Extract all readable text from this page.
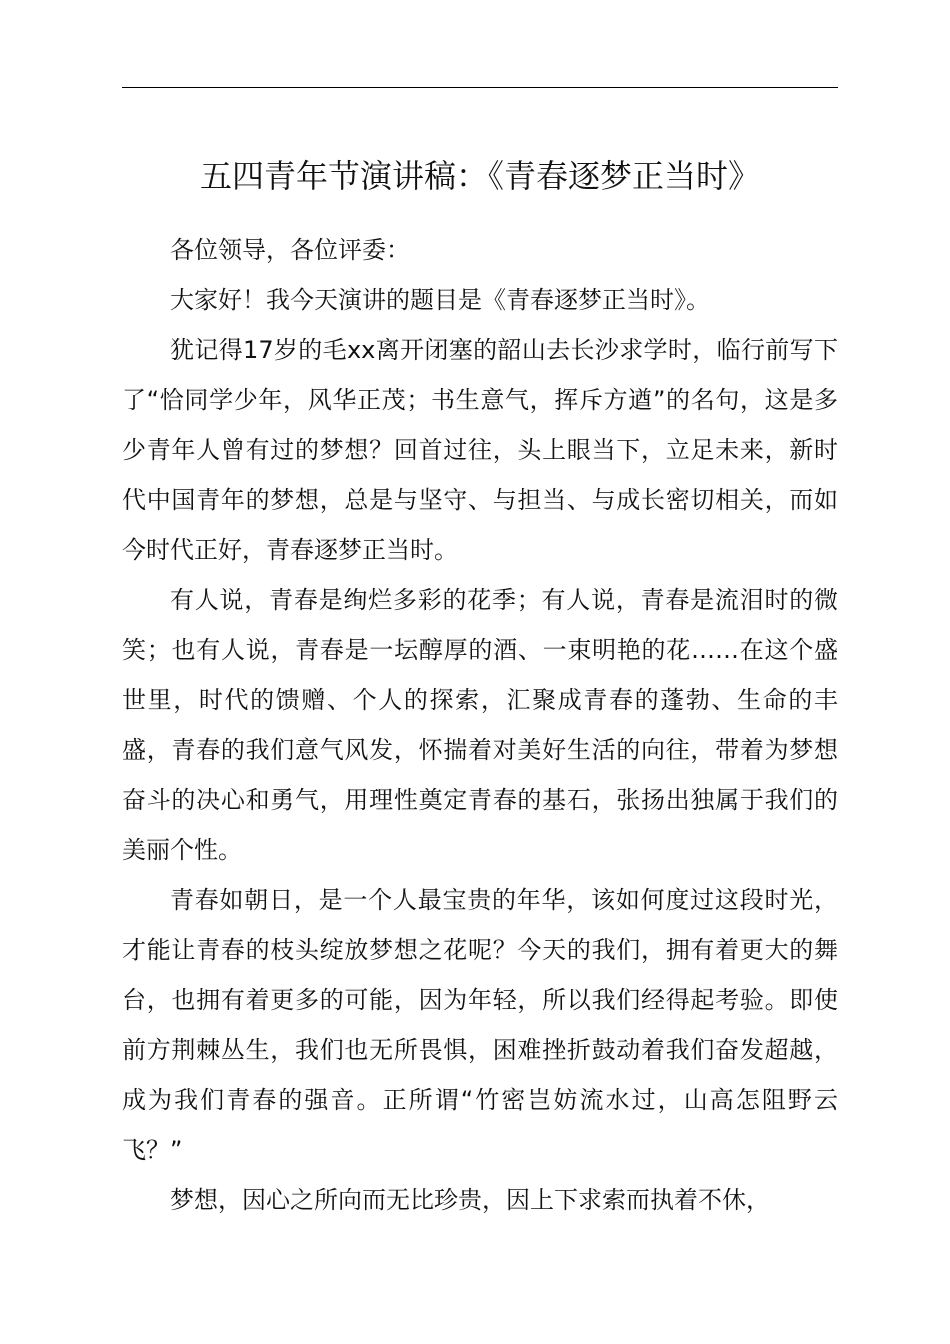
五四青年节演讲稿：《青春逐梦正当时》

各位领导，各位评委：

大家好！我今天演讲的题目是《青春逐梦正当时》。

犹记得17岁的毛xx离开闭塞的韶山去长沙求学时，临行前写下了“恰同学少年，风华正茂；书生意气，挥斥方遒”的名句，这是多少青年人曾有过的梦想？回首过往，头上眼当下，立足未来，新时代中国青年的梦想，总是与坚守、与担当、与成长密切相关，而如今时代正好，青春逐梦正当时。

有人说，青春是绚烂多彩的花季；有人说，青春是流泪时的微笑；也有人说，青春是一坛醇厚的酒、一束明艳的花……在这个盛世里，时代的馈赠、个人的探索，汇聚成青春的蓬勃、生命的丰盛，青春的我们意气风发，怀揣着对美好生活的向往，带着为梦想奋斗的决心和勇气，用理性奠定青春的基石，张扬出独属于我们的美丽个性。

青春如朝日，是一个人最宝贵的年华，该如何度过这段时光，才能让青春的枝头绽放梦想之花呢？今天的我们，拥有着更大的舞台，也拥有着更多的可能，因为年轻，所以我们经得起考验。即使前方荆棘丛生，我们也无所畏惧，困难挫折鼓动着我们奋发超越，成为我们青春的强音。正所谓“竹密岂妨流水过，山高怎阻野云飞？”

梦想，因心之所向而无比珍贵，因上下求索而执着不休，
